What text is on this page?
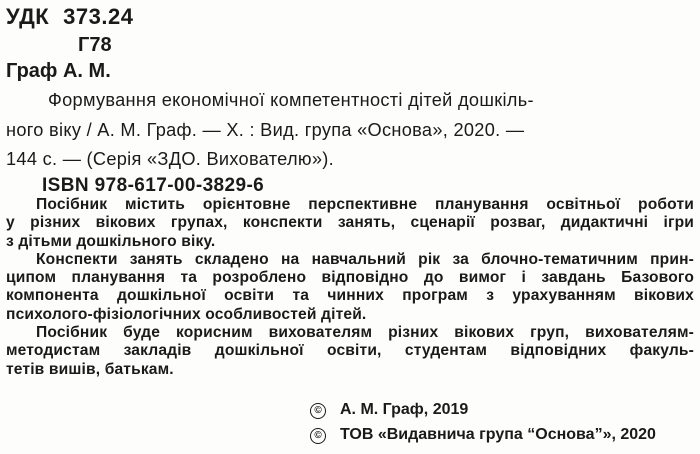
УДК 373.24
Г78
Граф А. М.
Формування економічної компетентності дітей дошкіль-
ного віку / А. М. Граф. — Х. : Вид. група «Основа», 2020. —
144 с. — (Серія «ЗДО. Вихователю»).
ISBN 978-617-00-3829-6
Посібник містить орієнтовне перспективне планування освітньої роботи
у різних вікових групах, конспекти занять, сценарії розваг, дидактичні ігри
з дітьми дошкільного віку.
Конспекти занять складено на навчальний рік за блочно-тематичним прин-
ципом планування та розроблено відповідно до вимог і завдань Базового
компонента дошкільної освіти та чинних програм з урахуванням вікових
психолого-фізіологічних особливостей дітей.
Посібник буде корисним вихователям різних вікових груп, вихователям-
методистам закладів дошкільної освіти, студентам відповідних факуль-
тетів вишів, батькам.
© А. М. Граф, 2019
© ТОВ «Видавнича група “Основа”», 2020
